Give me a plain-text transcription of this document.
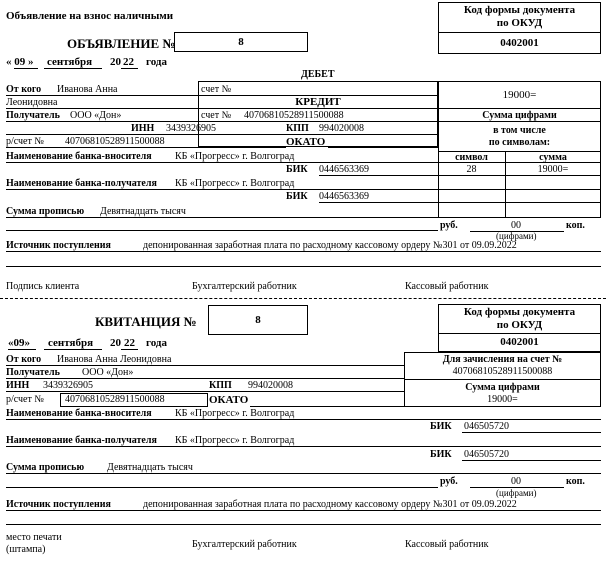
Объявление на взнос наличными	Код формы документа
по ОКУД
0402001
ОБЪЯВЛЕНИЕ №	8
« 09 » сентября 20 22 года
ДЕБЕТ
От кого Иванова Анна
Леонидовна
счет №
КРЕДИТ
счет № 40706810528911500088
Получатель ООО «Дон»
ИНН 3439326905	КПП 994020008
р/счет № 40706810528911500088	ОКАТО
Наименование банка-вносителя КБ «Прогресс» г. Волгоград
БИК 0446563369
Наименование банка-получателя КБ «Прогресс» г. Волгоград
БИК 0446563369
Сумма прописью Девятнадцать тысяч
руб.	00	коп.
(цифрами)
Источник поступления	депонированная заработная плата по расходному кассовому ордеру №301 от 09.09.2022
19000=
Сумма цифрами
в том числе
по символам:
символ	сумма
28	19000=
Подпись клиента	Бухгалтерский работник	Кассовый работник
Код формы документа
по ОКУД
0402001
КВИТАНЦИЯ №	8
«09» сентября 20 22 года
От кого Иванова Анна Леонидовна
Получатель ООО «Дон»
ИНН 3439326905	КПП 994020008
р/счет № 40706810528911500088	ОКАТО
Для зачисления на счет №
40706810528911500088
Сумма цифрами
19000=
Наименование банка-вносителя КБ «Прогресс» г. Волгоград
БИК 046505720
Наименование банка-получателя КБ «Прогресс» г. Волгоград
БИК 046505720
Сумма прописью Девятнадцать тысяч
руб.	00	коп.
(цифрами)
Источник поступления	депонированная заработная плата по расходному кассовому ордеру №301 от 09.09.2022
место печати
(штампа)	Бухгалтерский работник	Кассовый работник
